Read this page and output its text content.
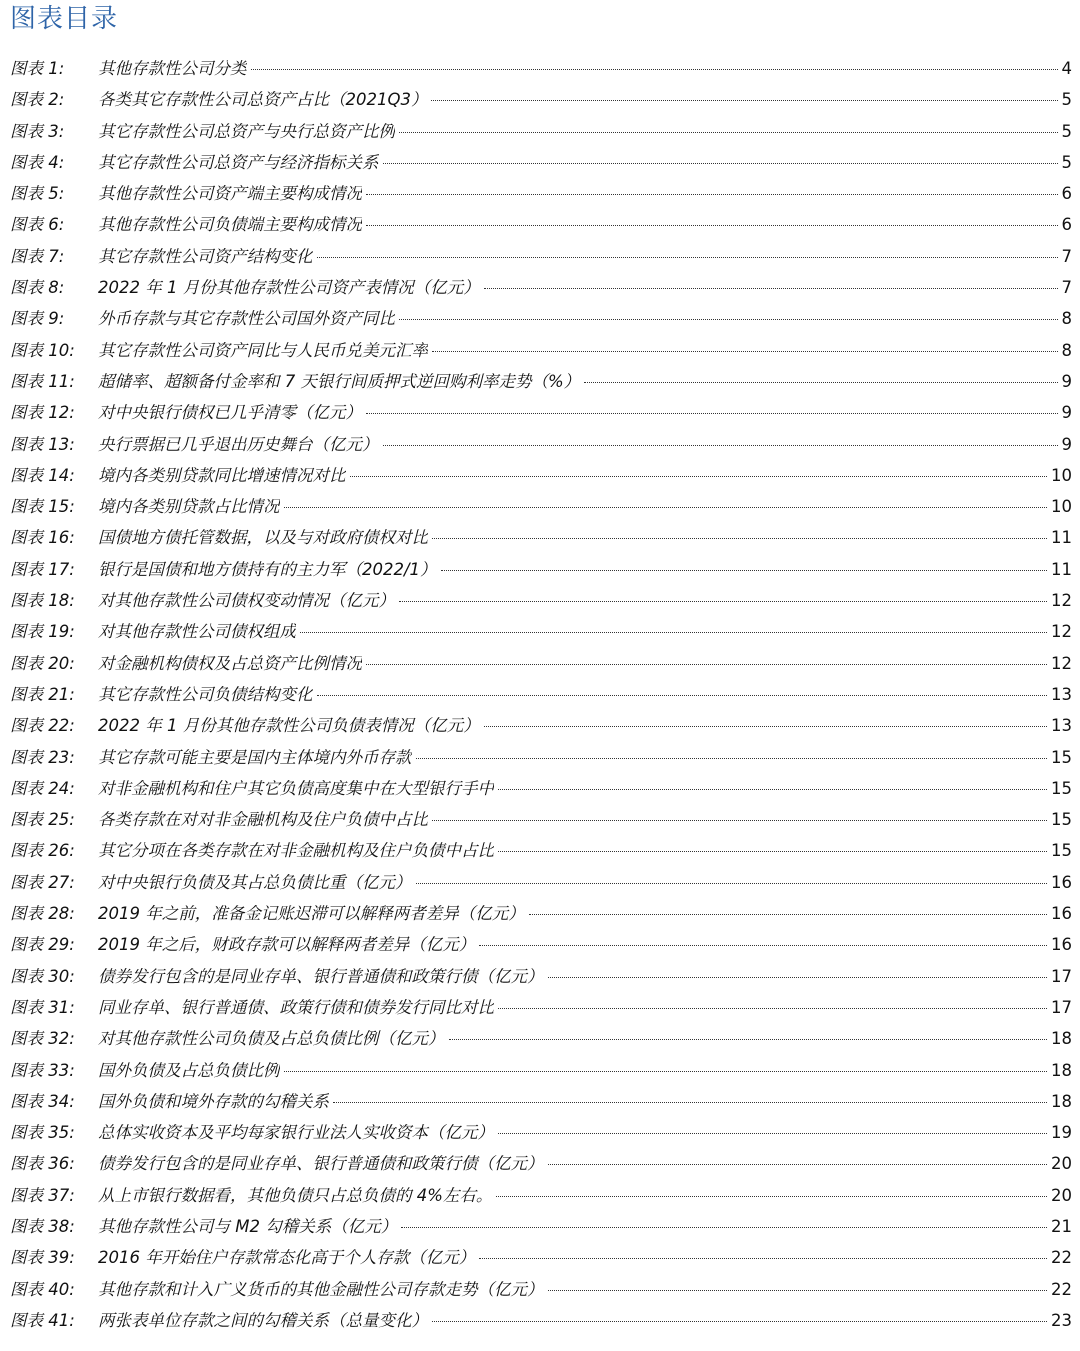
图表目录
图表 1:	其他存款性公司分类	4
图表 2:	各类其它存款性公司总资产占比（2021Q3）	5
图表 3:	其它存款性公司总资产与央行总资产比例	5
图表 4:	其它存款性公司总资产与经济指标关系	5
图表 5:	其他存款性公司资产端主要构成情况	6
图表 6:	其他存款性公司负债端主要构成情况	6
图表 7:	其它存款性公司资产结构变化	7
图表 8:	2022 年 1 月份其他存款性公司资产表情况（亿元）	7
图表 9:	外币存款与其它存款性公司国外资产同比	8
图表 10:	其它存款性公司资产同比与人民币兑美元汇率	8
图表 11:	超储率、超额备付金率和 7 天银行间质押式逆回购利率走势（%）	9
图表 12:	对中央银行债权已几乎清零（亿元）	9
图表 13:	央行票据已几乎退出历史舞台（亿元）	9
图表 14:	境内各类别贷款同比增速情况对比	10
图表 15:	境内各类别贷款占比情况	10
图表 16:	国债地方债托管数据，以及与对政府债权对比	11
图表 17:	银行是国债和地方债持有的主力军（2022/1）	11
图表 18:	对其他存款性公司债权变动情况（亿元）	12
图表 19:	对其他存款性公司债权组成	12
图表 20:	对金融机构债权及占总资产比例情况	12
图表 21:	其它存款性公司负债结构变化	13
图表 22:	2022 年 1 月份其他存款性公司负债表情况（亿元）	13
图表 23:	其它存款可能主要是国内主体境内外币存款	15
图表 24:	对非金融机构和住户其它负债高度集中在大型银行手中	15
图表 25:	各类存款在对对非金融机构及住户负债中占比	15
图表 26:	其它分项在各类存款在对非金融机构及住户负债中占比	15
图表 27:	对中央银行负债及其占总负债比重（亿元）	16
图表 28:	2019 年之前，准备金记账迟滞可以解释两者差异（亿元）	16
图表 29:	2019 年之后，财政存款可以解释两者差异（亿元）	16
图表 30:	债券发行包含的是同业存单、银行普通债和政策行债（亿元）	17
图表 31:	同业存单、银行普通债、政策行债和债券发行同比对比	17
图表 32:	对其他存款性公司负债及占总负债比例（亿元）	18
图表 33:	国外负债及占总负债比例	18
图表 34:	国外负债和境外存款的勾稽关系	18
图表 35:	总体实收资本及平均每家银行业法人实收资本（亿元）	19
图表 36:	债券发行包含的是同业存单、银行普通债和政策行债（亿元）	20
图表 37:	从上市银行数据看，其他负债只占总负债的 4%左右。	20
图表 38:	其他存款性公司与 M2 勾稽关系（亿元）	21
图表 39:	2016 年开始住户存款常态化高于个人存款（亿元）	22
图表 40:	其他存款和计入广义货币的其他金融性公司存款走势（亿元）	22
图表 41:	两张表单位存款之间的勾稽关系（总量变化）	23
